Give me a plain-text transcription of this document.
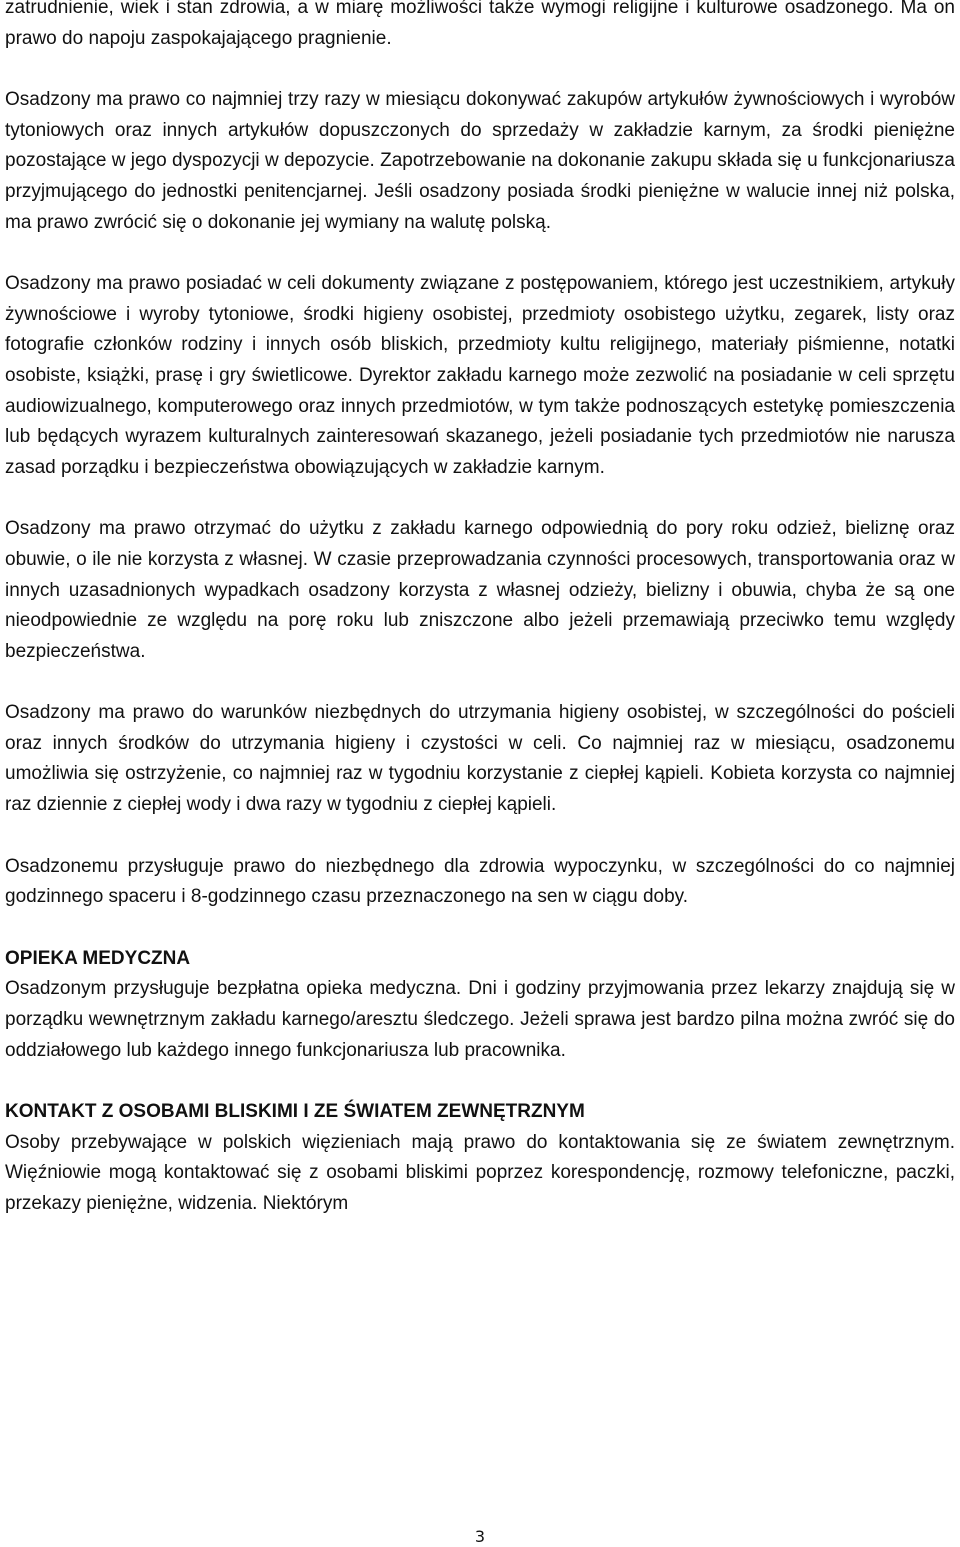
zatrudnienie, wiek i stan zdrowia, a w miarę możliwości także wymogi religijne i kulturowe osadzonego. Ma on prawo do napoju zaspokajającego pragnienie.

Osadzony ma prawo co najmniej trzy razy w miesiącu dokonywać zakupów artykułów żywnościowych i wyrobów tytoniowych oraz innych artykułów dopuszczonych do sprzedaży w zakładzie karnym, za środki pieniężne pozostające w jego dyspozycji w depozycie. Zapotrzebowanie na dokonanie zakupu składa się u funkcjonariusza przyjmującego do jednostki penitencjarnej. Jeśli osadzony posiada środki pieniężne w walucie innej niż polska, ma prawo zwrócić się o dokonanie jej wymiany na walutę polską.

Osadzony ma prawo posiadać w celi dokumenty związane z postępowaniem, którego jest uczestnikiem, artykuły żywnościowe i wyroby tytoniowe, środki higieny osobistej, przedmioty osobistego użytku, zegarek, listy oraz fotografie członków rodziny i innych osób bliskich, przedmioty kultu religijnego, materiały piśmienne, notatki osobiste, książki, prasę i gry świetlicowe. Dyrektor zakładu karnego może zezwolić na posiadanie w celi sprzętu audiowizualnego, komputerowego oraz innych przedmiotów, w tym także podnoszących estetykę pomieszczenia lub będących wyrazem kulturalnych zainteresowań skazanego, jeżeli posiadanie tych przedmiotów nie narusza zasad porządku i bezpieczeństwa obowiązujących w zakładzie karnym.

Osadzony ma prawo otrzymać do użytku z zakładu karnego odpowiednią do pory roku odzież, bieliznę oraz obuwie, o ile nie korzysta z własnej. W czasie przeprowadzania czynności procesowych, transportowania oraz w innych uzasadnionych wypadkach osadzony korzysta z własnej odzieży, bielizny i obuwia, chyba że są one nieodpowiednie ze względu na porę roku lub zniszczone albo jeżeli przemawiają przeciwko temu względy bezpieczeństwa.

Osadzony ma prawo do warunków niezbędnych do utrzymania higieny osobistej, w szczególności do pościeli oraz innych środków do utrzymania higieny i czystości w celi. Co najmniej raz w miesiącu, osadzonemu umożliwia się ostrzyżenie, co najmniej raz w tygodniu korzystanie z ciepłej kąpieli. Kobieta korzysta co najmniej raz dziennie z ciepłej wody i dwa razy w tygodniu z ciepłej kąpieli.

Osadzonemu przysługuje prawo do niezbędnego dla zdrowia wypoczynku, w szczególności do co najmniej godzinnego spaceru i 8-godzinnego czasu przeznaczonego na sen w ciągu doby.

OPIEKA MEDYCZNA

Osadzonym przysługuje bezpłatna opieka medyczna. Dni i godziny przyjmowania przez lekarzy znajdują się w porządku wewnętrznym zakładu karnego/aresztu śledczego. Jeżeli sprawa jest bardzo pilna można zwróć się do oddziałowego lub każdego innego funkcjonariusza lub pracownika.

KONTAKT Z OSOBAMI BLISKIMI I ZE ŚWIATEM ZEWNĘTRZNYM

Osoby przebywające w polskich więzieniach mają prawo do kontaktowania się ze światem zewnętrznym. Więźniowie mogą kontaktować się z osobami bliskimi poprzez korespondencję, rozmowy telefoniczne, paczki, przekazy pieniężne, widzenia. Niektórym

3
